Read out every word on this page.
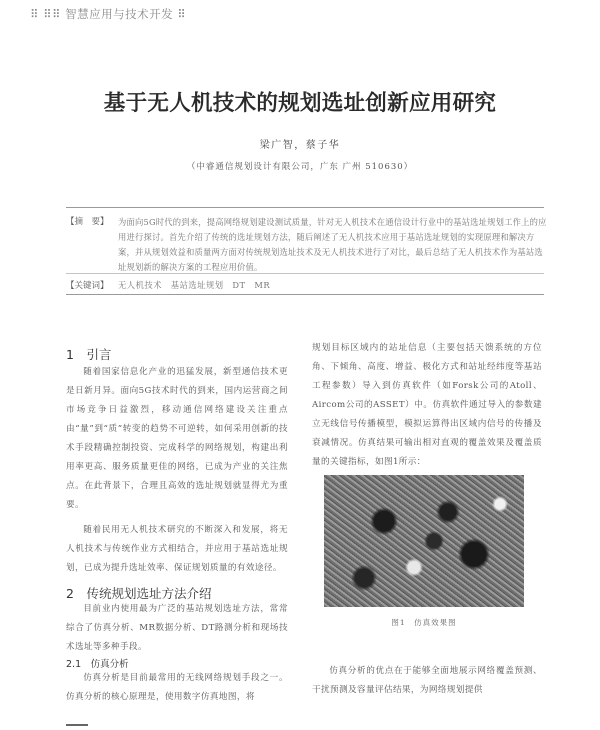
⠿ ⠿⠿ 智慧应用与技术开发 ⠿
基于无人机技术的规划选址创新应用研究
梁广智，蔡子华
（中睿通信规划设计有限公司，广东 广州 510630）
【摘　要】 为面向5G时代的到来，提高网络规划建设测试质量，针对无人机技术在通信设计行业中的基站选址规划工作上的应用进行探讨。首先介绍了传统的选址规划方法，随后阐述了无人机技术应用于基站选址规划的实现原理和解决方案，并从规划效益和质量两方面对传统规划选址技术及无人机技术进行了对比，最后总结了无人机技术作为基站选址规划新的解决方案的工程应用价值。
【关键词】 无人机技术　基站选址规划　DT　MR
1　引言

随着国家信息化产业的迅猛发展，新型通信技术更是日新月异。面向5G技术时代的到来，国内运营商之间市场竞争日益激烈，移动通信网络建设关注重点由“量”到“质”转变的趋势不可逆转，如何采用创新的技术手段精确控制投资、完成科学的网络规划，构建出利用率更高、服务质量更佳的网络，已成为产业的关注焦点。在此背景下，合理且高效的选址规划就显得尤为重要。

随着民用无人机技术研究的不断深入和发展，将无人机技术与传统作业方式相结合，并应用于基站选址规划，已成为提升选址效率、保证规划质量的有效途径。

2　传统规划选址方法介绍

目前业内使用最为广泛的基站规划选址方法，常常综合了仿真分析、MR数据分析、DT路测分析和现场技术选址等多种手段。

2.1　仿真分析

仿真分析是目前最常用的无线网络规划手段之一。仿真分析的核心原理是，使用数字仿真地图，将

规划目标区域内的站址信息（主要包括天馈系统的方位角、下倾角、高度、增益、极化方式和站址经纬度等基站工程参数）导入到仿真软件（如Forsk公司的Atoll、Aircom公司的ASSET）中。仿真软件通过导入的参数建立无线信号传播模型，模拟运算得出区域内信号的传播及衰减情况。仿真结果可输出相对直观的覆盖效果及覆盖质量的关键指标，如图1所示：

图1　仿真效果图

仿真分析的优点在于能够全面地展示网络覆盖预测、干扰预测及容量评估结果，为网络规划提供
